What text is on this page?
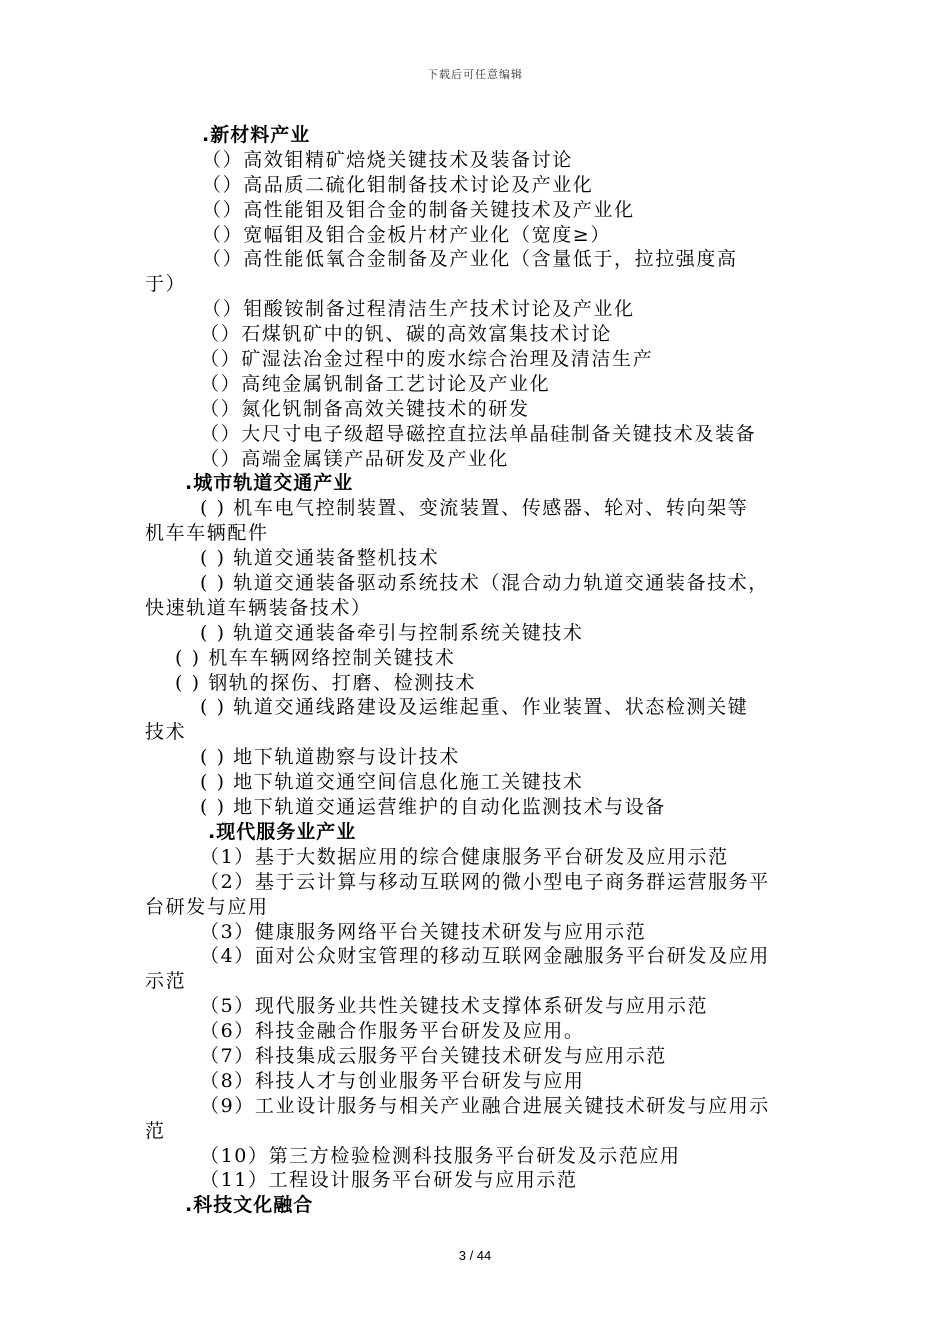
下载后可任意编辑
.新材料产业
（）高效钼精矿焙烧关键技术及装备讨论
（）高品质二硫化钼制备技术讨论及产业化
（）高性能钼及钼合金的制备关键技术及产业化
（）宽幅钼及钼合金板片材产业化（宽度≥）
（）高性能低氧合金制备及产业化（含量低于，拉拉强度高
于）
（）钼酸铵制备过程清洁生产技术讨论及产业化
（）石煤钒矿中的钒、碳的高效富集技术讨论
（）矿湿法冶金过程中的废水综合治理及清洁生产
（）高纯金属钒制备工艺讨论及产业化
（）氮化钒制备高效关键技术的研发
（）大尺寸电子级超导磁控直拉法单晶硅制备关键技术及装备
（）高端金属镁产品研发及产业化
.城市轨道交通产业
( ) 机车电气控制装置、变流装置、传感器、轮对、转向架等
机车车辆配件
( ) 轨道交通装备整机技术
( ) 轨道交通装备驱动系统技术（混合动力轨道交通装备技术，
快速轨道车辆装备技术）
( ) 轨道交通装备牵引与控制系统关键技术
( ) 机车车辆网络控制关键技术
( ) 钢轨的探伤、打磨、检测技术
( ) 轨道交通线路建设及运维起重、作业装置、状态检测关键
技术
( ) 地下轨道勘察与设计技术
( ) 地下轨道交通空间信息化施工关键技术
( ) 地下轨道交通运营维护的自动化监测技术与设备
.现代服务业产业
（1）基于大数据应用的综合健康服务平台研发及应用示范
（2）基于云计算与移动互联网的微小型电子商务群运营服务平
台研发与应用
（3）健康服务网络平台关键技术研发与应用示范
（4）面对公众财宝管理的移动互联网金融服务平台研发及应用
示范
（5）现代服务业共性关键技术支撑体系研发与应用示范
（6）科技金融合作服务平台研发及应用。
（7）科技集成云服务平台关键技术研发与应用示范
（8）科技人才与创业服务平台研发与应用
（9）工业设计服务与相关产业融合进展关键技术研发与应用示
范
（10）第三方检验检测科技服务平台研发及示范应用
（11）工程设计服务平台研发与应用示范
.科技文化融合
3 / 44
